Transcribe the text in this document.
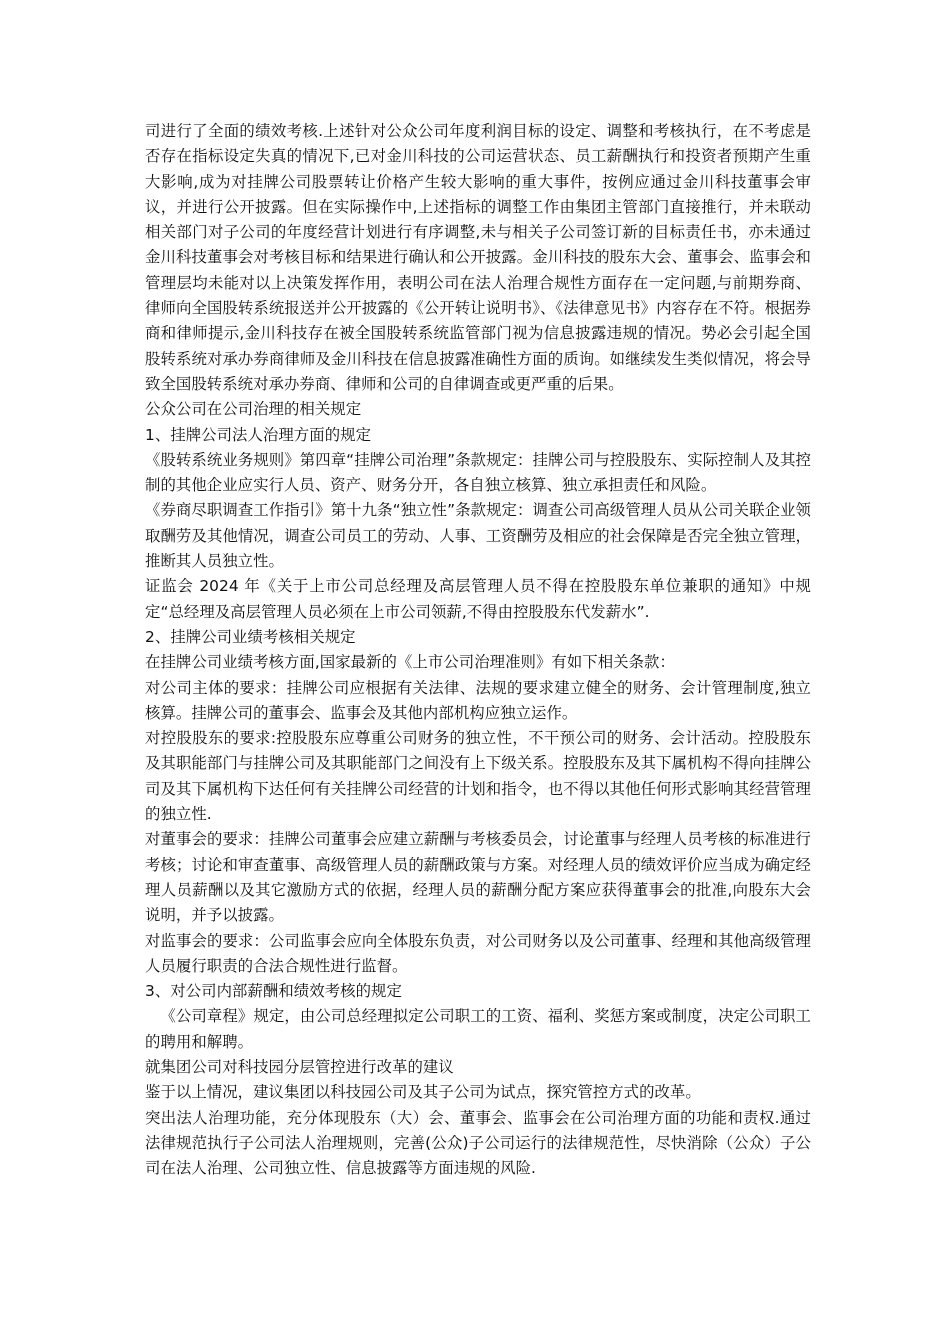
司进行了全面的绩效考核.上述针对公众公司年度利润目标的设定、调整和考核执行，在不考虑是否存在指标设定失真的情况下,已对金川科技的公司运营状态、员工薪酬执行和投资者预期产生重大影响,成为对挂牌公司股票转让价格产生较大影响的重大事件，按例应通过金川科技董事会审议，并进行公开披露。但在实际操作中,上述指标的调整工作由集团主管部门直接推行，并未联动相关部门对子公司的年度经营计划进行有序调整,未与相关子公司签订新的目标责任书，亦未通过金川科技董事会对考核目标和结果进行确认和公开披露。金川科技的股东大会、董事会、监事会和管理层均未能对以上决策发挥作用，表明公司在法人治理合规性方面存在一定问题,与前期券商、律师向全国股转系统报送并公开披露的《公开转让说明书》、《法律意见书》内容存在不符。根据券商和律师提示,金川科技存在被全国股转系统监管部门视为信息披露违规的情况。势必会引起全国股转系统对承办券商律师及金川科技在信息披露准确性方面的质询。如继续发生类似情况，将会导致全国股转系统对承办券商、律师和公司的自律调查或更严重的后果。

公众公司在公司治理的相关规定

1、挂牌公司法人治理方面的规定

《股转系统业务规则》第四章“挂牌公司治理”条款规定：挂牌公司与控股股东、实际控制人及其控制的其他企业应实行人员、资产、财务分开，各自独立核算、独立承担责任和风险。

《券商尽职调查工作指引》第十九条“独立性”条款规定：调查公司高级管理人员从公司关联企业领取酬劳及其他情况，调查公司员工的劳动、人事、工资酬劳及相应的社会保障是否完全独立管理，推断其人员独立性。

证监会 2024 年《关于上市公司总经理及高层管理人员不得在控股股东单位兼职的通知》中规定“总经理及高层管理人员必须在上市公司领薪,不得由控股股东代发薪水”.

2、挂牌公司业绩考核相关规定

在挂牌公司业绩考核方面,国家最新的《上市公司治理准则》有如下相关条款：

对公司主体的要求：挂牌公司应根据有关法律、法规的要求建立健全的财务、会计管理制度,独立核算。挂牌公司的董事会、监事会及其他内部机构应独立运作。

对控股股东的要求:控股股东应尊重公司财务的独立性，不干预公司的财务、会计活动。控股股东及其职能部门与挂牌公司及其职能部门之间没有上下级关系。控股股东及其下属机构不得向挂牌公司及其下属机构下达任何有关挂牌公司经营的计划和指令，也不得以其他任何形式影响其经营管理的独立性.

对董事会的要求：挂牌公司董事会应建立薪酬与考核委员会，讨论董事与经理人员考核的标准进行考核；讨论和审查董事、高级管理人员的薪酬政策与方案。对经理人员的绩效评价应当成为确定经理人员薪酬以及其它激励方式的依据，经理人员的薪酬分配方案应获得董事会的批准,向股东大会说明，并予以披露。

对监事会的要求：公司监事会应向全体股东负责，对公司财务以及公司董事、经理和其他高级管理人员履行职责的合法合规性进行监督。

3、对公司内部薪酬和绩效考核的规定

《公司章程》规定，由公司总经理拟定公司职工的工资、福利、奖惩方案或制度，决定公司职工的聘用和解聘。

就集团公司对科技园分层管控进行改革的建议

鉴于以上情况，建议集团以科技园公司及其子公司为试点，探究管控方式的改革。

突出法人治理功能，充分体现股东（大）会、董事会、监事会在公司治理方面的功能和责权.通过法律规范执行子公司法人治理规则，完善(公众)子公司运行的法律规范性，尽快消除（公众）子公司在法人治理、公司独立性、信息披露等方面违规的风险.
